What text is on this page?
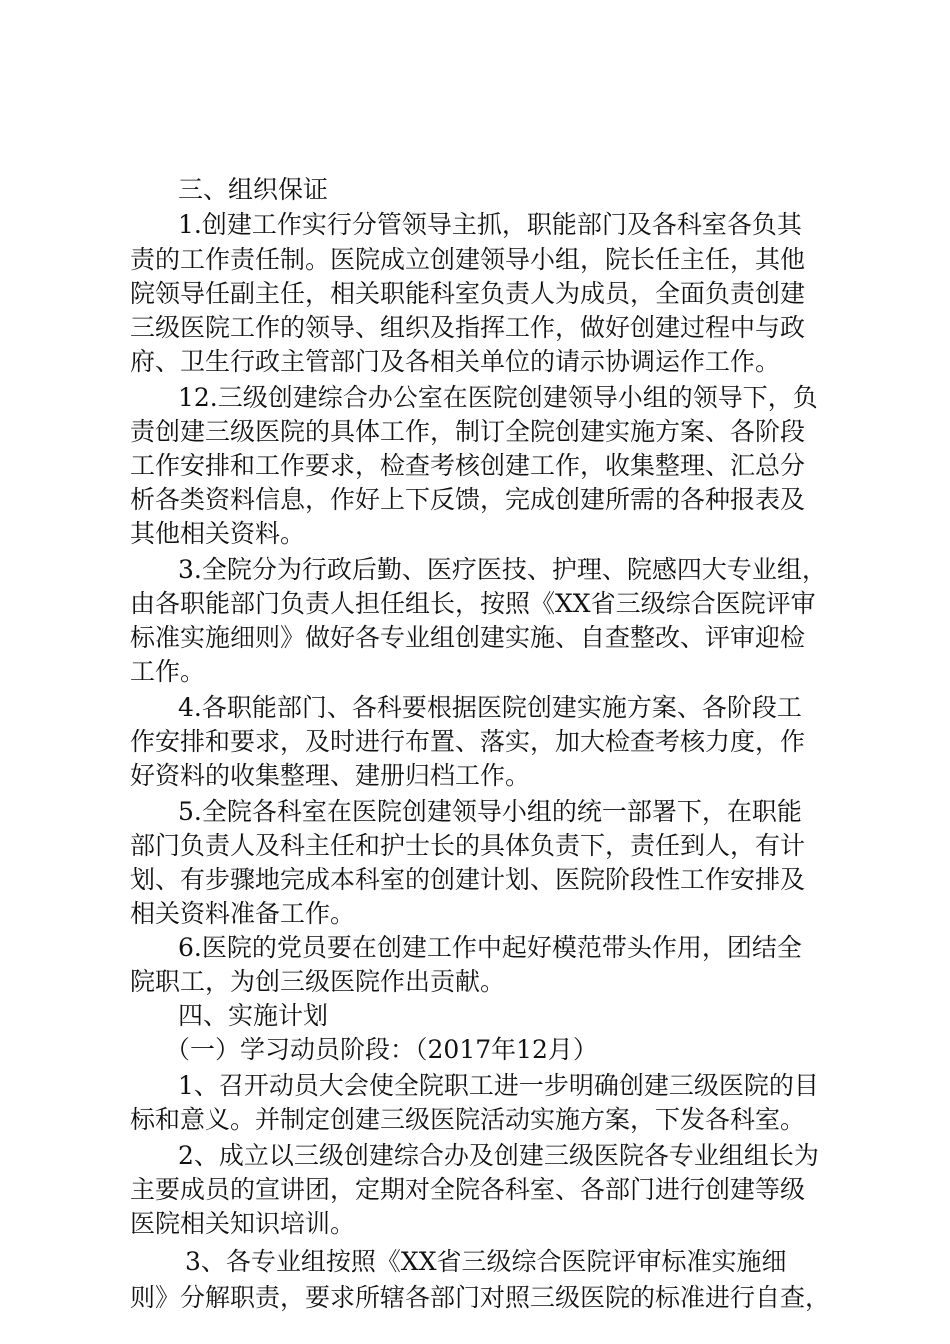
三、组织保证
1.创建工作实行分管领导主抓，职能部门及各科室各负其
责的工作责任制。医院成立创建领导小组，院长任主任，其他
院领导任副主任，相关职能科室负责人为成员，全面负责创建
三级医院工作的领导、组织及指挥工作，做好创建过程中与政
府、卫生行政主管部门及各相关单位的请示协调运作工作。
12.三级创建综合办公室在医院创建领导小组的领导下，负
责创建三级医院的具体工作，制订全院创建实施方案、各阶段
工作安排和工作要求，检查考核创建工作，收集整理、汇总分
析各类资料信息，作好上下反馈，完成创建所需的各种报表及
其他相关资料。
3.全院分为行政后勤、医疗医技、护理、院感四大专业组，
由各职能部门负责人担任组长，按照《XX省三级综合医院评审
标准实施细则》做好各专业组创建实施、自查整改、评审迎检
工作。
4.各职能部门、各科要根据医院创建实施方案、各阶段工
作安排和要求，及时进行布置、落实，加大检查考核力度，作
好资料的收集整理、建册归档工作。
5.全院各科室在医院创建领导小组的统一部署下，在职能
部门负责人及科主任和护士长的具体负责下，责任到人，有计
划、有步骤地完成本科室的创建计划、医院阶段性工作安排及
相关资料准备工作。
6.医院的党员要在创建工作中起好模范带头作用，团结全
院职工，为创三级医院作出贡献。
四、实施计划
（一）学习动员阶段：（2017年12月）
1、召开动员大会使全院职工进一步明确创建三级医院的目
标和意义。并制定创建三级医院活动实施方案，下发各科室。
2、成立以三级创建综合办及创建三级医院各专业组组长为
主要成员的宣讲团，定期对全院各科室、各部门进行创建等级
医院相关知识培训。
3、各专业组按照《XX省三级综合医院评审标准实施细
则》分解职责，要求所辖各部门对照三级医院的标准进行自查，
